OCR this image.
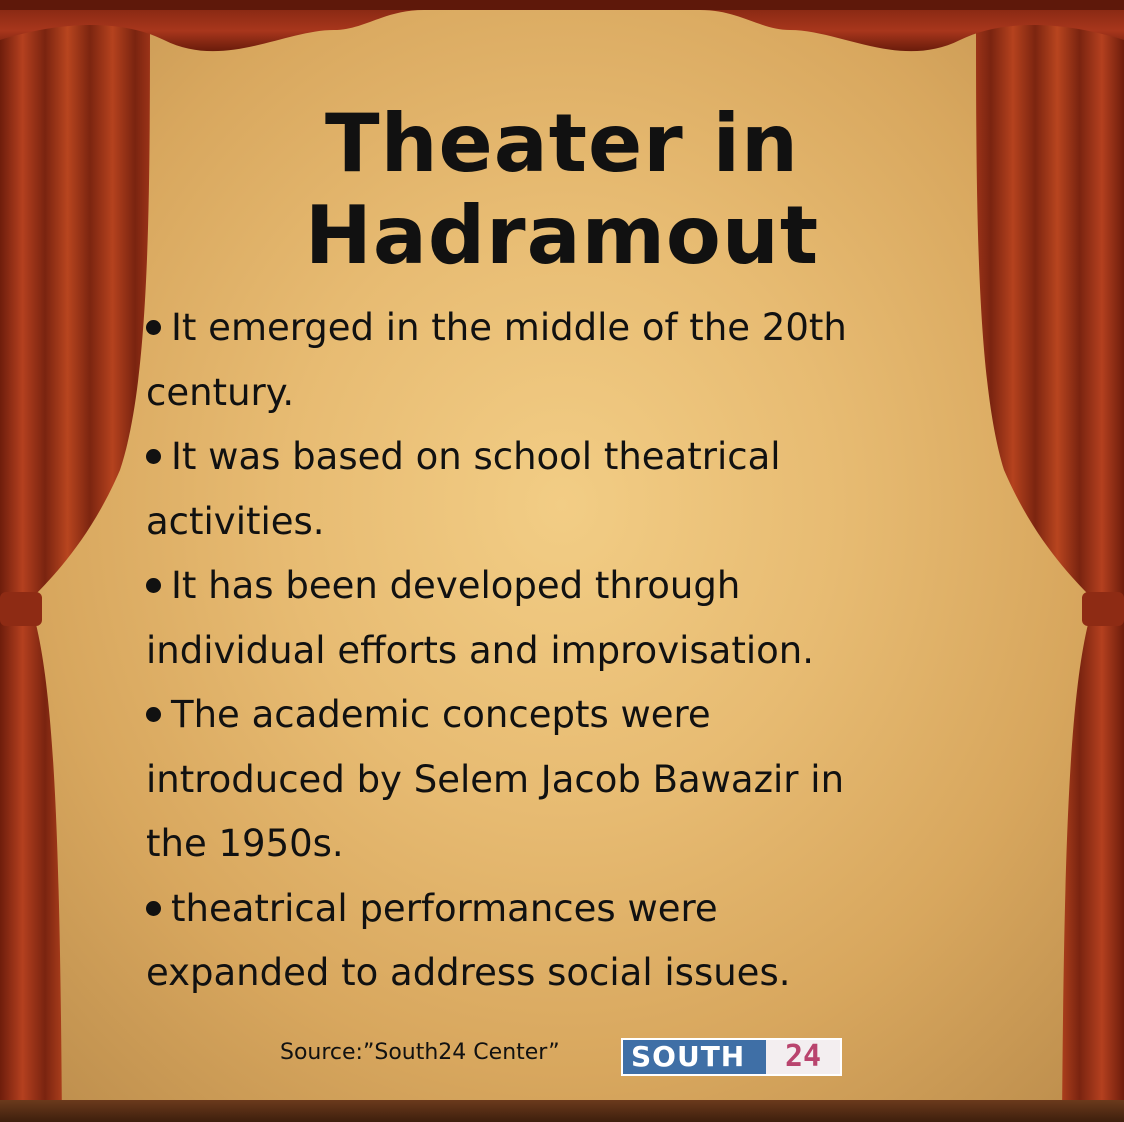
Theater in
Hadramout
It emerged in the middle of the 20th
century.
It was based on school theatrical
activities.
It has been developed through
individual efforts and improvisation.
The academic concepts were
introduced by Selem Jacob Bawazir in
the 1950s.
theatrical performances were
expanded to address social issues.
Source:”South24 Center”	SOUTH	24
